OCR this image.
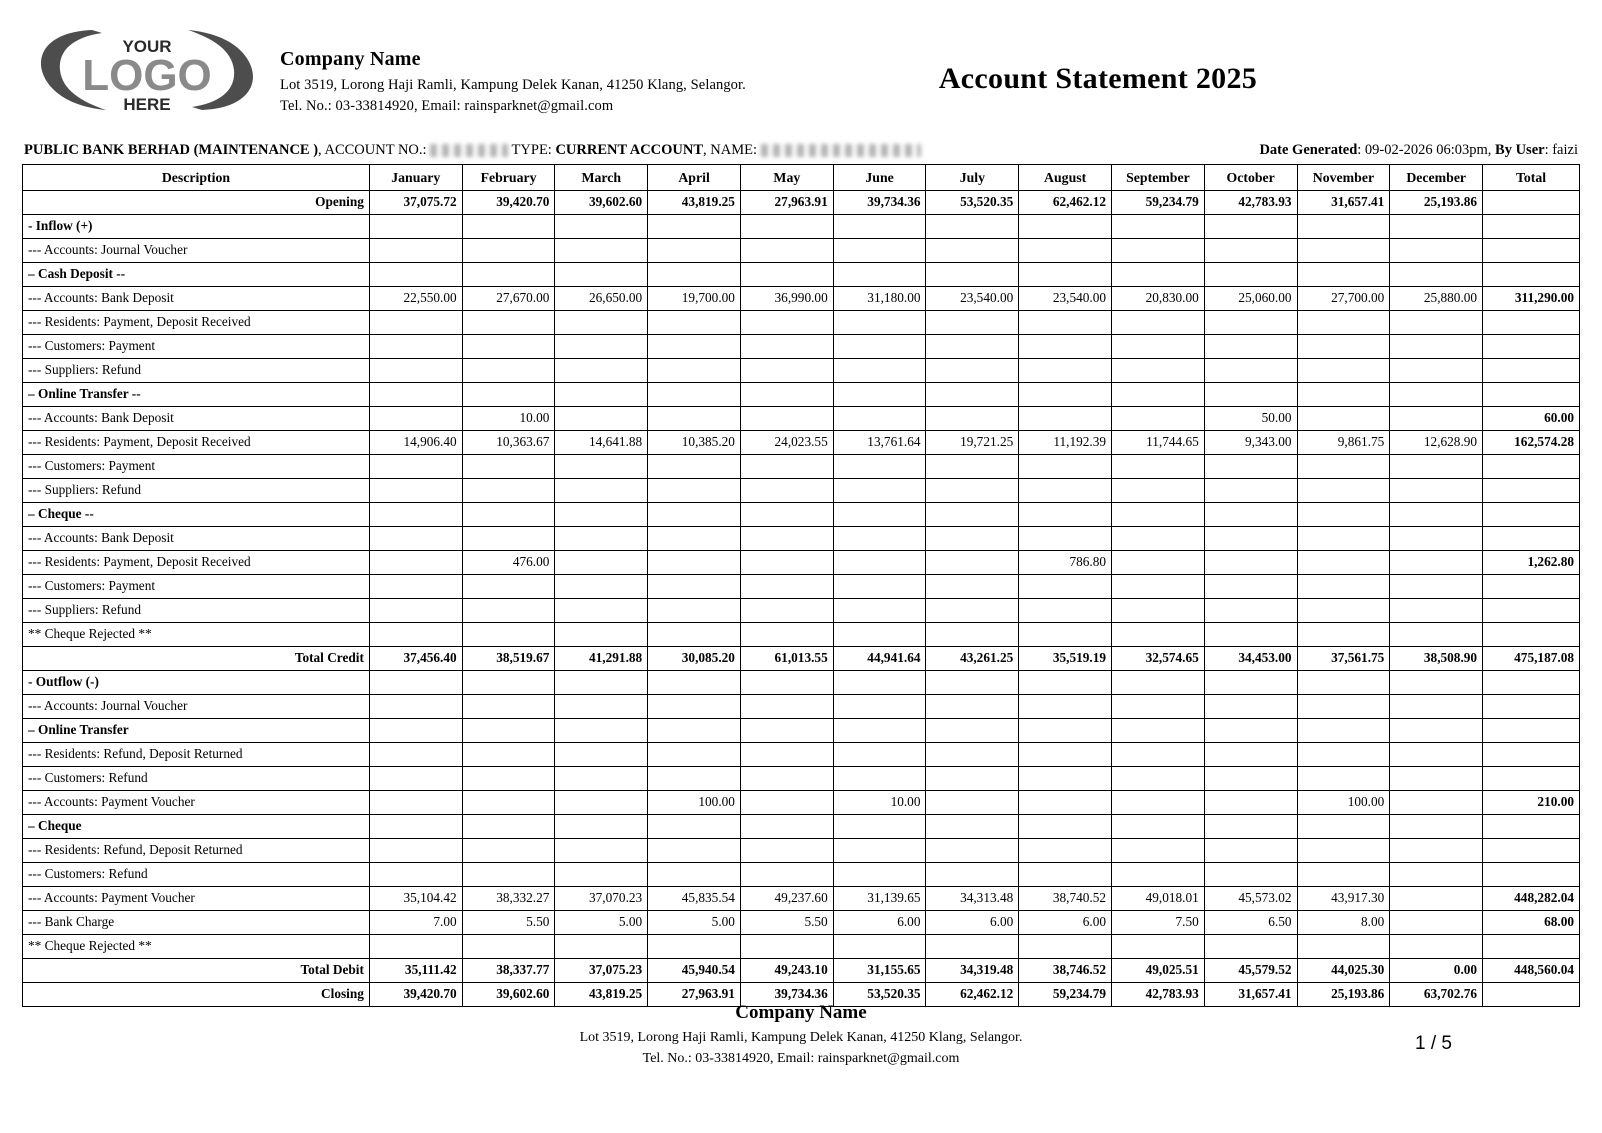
YOUR
LOGO
HERE
Company Name
Lot 3519, Lorong Haji Ramli, Kampung Delek Kanan, 41250 Klang, Selangor.
Tel. No.: 03-33814920, Email: rainsparknet@gmail.com
Account Statement 2025
PUBLIC BANK BERHAD (MAINTENANCE ), ACCOUNT NO.:	TYPE: CURRENT ACCOUNT, NAME:	Date Generated: 09-02-2026 06:03pm, By User: faizi
Description	January	February	March	April	May	June	July	August	September	October	November	December	Total
Opening	37,075.72	39,420.70	39,602.60	43,819.25	27,963.91	39,734.36	53,520.35	62,462.12	59,234.79	42,783.93	31,657.41	25,193.86	
- Inflow (+)													
--- Accounts: Journal Voucher													
– Cash Deposit --													
--- Accounts: Bank Deposit	22,550.00	27,670.00	26,650.00	19,700.00	36,990.00	31,180.00	23,540.00	23,540.00	20,830.00	25,060.00	27,700.00	25,880.00	311,290.00
--- Residents: Payment, Deposit Received													
--- Customers: Payment													
--- Suppliers: Refund													
– Online Transfer --													
--- Accounts: Bank Deposit		10.00								50.00			60.00
--- Residents: Payment, Deposit Received	14,906.40	10,363.67	14,641.88	10,385.20	24,023.55	13,761.64	19,721.25	11,192.39	11,744.65	9,343.00	9,861.75	12,628.90	162,574.28
--- Customers: Payment													
--- Suppliers: Refund													
– Cheque --													
--- Accounts: Bank Deposit													
--- Residents: Payment, Deposit Received		476.00						786.80					1,262.80
--- Customers: Payment													
--- Suppliers: Refund													
** Cheque Rejected **													
Total Credit	37,456.40	38,519.67	41,291.88	30,085.20	61,013.55	44,941.64	43,261.25	35,519.19	32,574.65	34,453.00	37,561.75	38,508.90	475,187.08
- Outflow (-)													
--- Accounts: Journal Voucher													
– Online Transfer													
--- Residents: Refund, Deposit Returned													
--- Customers: Refund													
--- Accounts: Payment Voucher				100.00		10.00					100.00		210.00
– Cheque													
--- Residents: Refund, Deposit Returned													
--- Customers: Refund													
--- Accounts: Payment Voucher	35,104.42	38,332.27	37,070.23	45,835.54	49,237.60	31,139.65	34,313.48	38,740.52	49,018.01	45,573.02	43,917.30		448,282.04
--- Bank Charge	7.00	5.50	5.00	5.00	5.50	6.00	6.00	6.00	7.50	6.50	8.00		68.00
** Cheque Rejected **													
Total Debit	35,111.42	38,337.77	37,075.23	45,940.54	49,243.10	31,155.65	34,319.48	38,746.52	49,025.51	45,579.52	44,025.30	0.00	448,560.04
Closing	39,420.70	39,602.60	43,819.25	27,963.91	39,734.36	53,520.35	62,462.12	59,234.79	42,783.93	31,657.41	25,193.86	63,702.76	
Company Name
Lot 3519, Lorong Haji Ramli, Kampung Delek Kanan, 41250 Klang, Selangor.
Tel. No.: 03-33814920, Email: rainsparknet@gmail.com
1 / 5
